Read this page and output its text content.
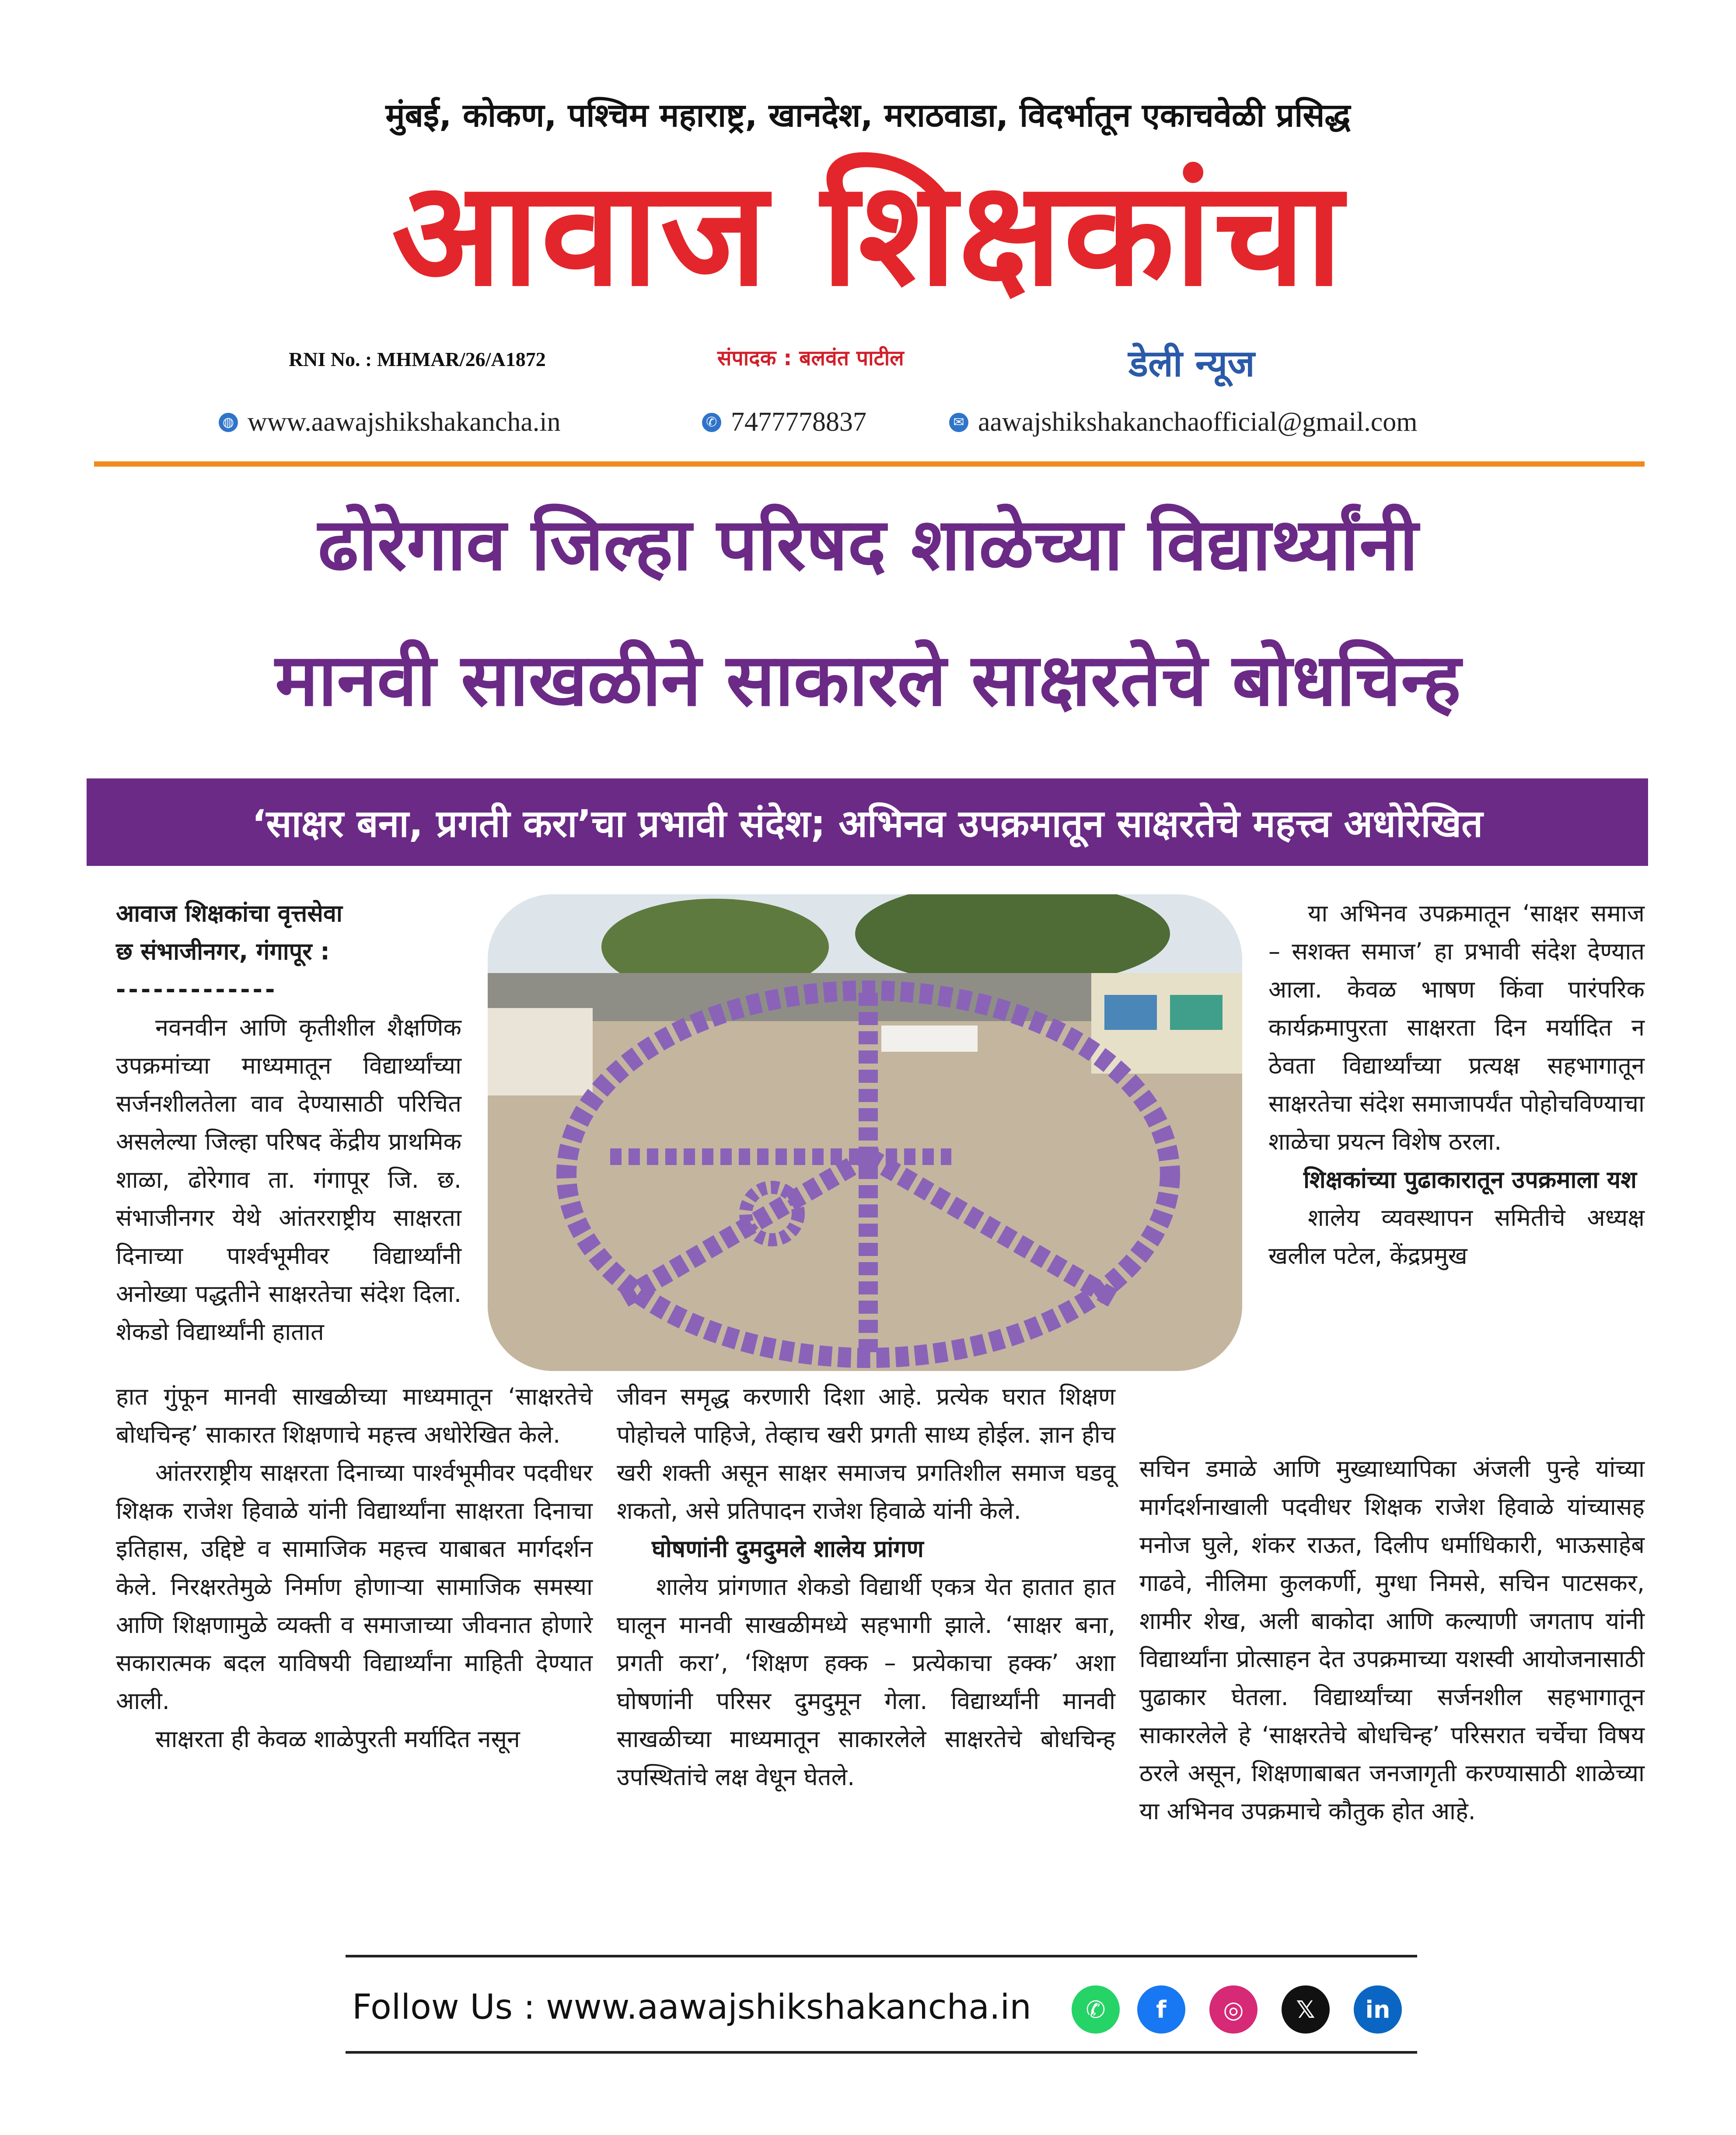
मुंबई, कोकण, पश्चिम महाराष्ट्र, खानदेश, मराठवाडा, विदर्भातून एकाचवेळी प्रसिद्ध
आवाज शिक्षकांचा
RNI No. : MHMAR/26/A1872	संपादक : बलवंत पाटील	डेली न्यूज
◍ www.aawajshikshakancha.in	✆ 7477778837	✉ aawajshikshakanchaofficial@gmail.com
ढोरेगाव जिल्हा परिषद शाळेच्या विद्यार्थ्यांनी
मानवी साखळीने साकारले साक्षरतेचे बोधचिन्ह
‘साक्षर बना, प्रगती करा’चा प्रभावी संदेश; अभिनव उपक्रमातून साक्षरतेचे महत्त्व अधोरेखित
आवाज शिक्षकांचा वृत्तसेवा
छ संभाजीनगर, गंगापूर :
-------------

नवनवीन आणि कृतीशील शैक्षणिक उपक्रमांच्या माध्यमातून विद्यार्थ्यांच्या सर्जनशीलतेला वाव देण्यासाठी परिचित असलेल्या जिल्हा परिषद केंद्रीय प्राथमिक शाळा, ढोरेगाव ता. गंगापूर जि. छ. संभाजीनगर येथे आंतरराष्ट्रीय साक्षरता दिनाच्या पार्श्वभूमीवर विद्यार्थ्यांनी अनोख्या पद्धतीने साक्षरतेचा संदेश दिला. शेकडो विद्यार्थ्यांनी हातात

हात गुंफून मानवी साखळीच्या माध्यमातून ‘साक्षरतेचे बोधचिन्ह’ साकारत शिक्षणाचे महत्त्व अधोरेखित केले.

आंतरराष्ट्रीय साक्षरता दिनाच्या पार्श्वभूमीवर पदवीधर शिक्षक राजेश हिवाळे यांनी विद्यार्थ्यांना साक्षरता दिनाचा इतिहास, उद्दिष्टे व सामाजिक महत्त्व याबाबत मार्गदर्शन केले. निरक्षरतेमुळे निर्माण होणाऱ्या सामाजिक समस्या आणि शिक्षणामुळे व्यक्ती व समाजाच्या जीवनात होणारे सकारात्मक बदल याविषयी विद्यार्थ्यांना माहिती देण्यात आली.

साक्षरता ही केवळ शाळेपुरती मर्यादित नसून

जीवन समृद्ध करणारी दिशा आहे. प्रत्येक घरात शिक्षण पोहोचले पाहिजे, तेव्हाच खरी प्रगती साध्य होईल. ज्ञान हीच खरी शक्ती असून साक्षर समाजच प्रगतिशील समाज घडवू शकतो, असे प्रतिपादन राजेश हिवाळे यांनी केले.

घोषणांनी दुमदुमले शालेय प्रांगण

शालेय प्रांगणात शेकडो विद्यार्थी एकत्र येत हातात हात घालून मानवी साखळीमध्ये सहभागी झाले. ‘साक्षर बना, प्रगती करा’, ‘शिक्षण हक्क – प्रत्येकाचा हक्क’ अशा घोषणांनी परिसर दुमदुमून गेला. विद्यार्थ्यांनी मानवी साखळीच्या माध्यमातून साकारलेले साक्षरतेचे बोधचिन्ह उपस्थितांचे लक्ष वेधून घेतले.

या अभिनव उपक्रमातून ‘साक्षर समाज – सशक्त समाज’ हा प्रभावी संदेश देण्यात आला. केवळ भाषण किंवा पारंपरिक कार्यक्रमापुरता साक्षरता दिन मर्यादित न ठेवता विद्यार्थ्यांच्या प्रत्यक्ष सहभागातून साक्षरतेचा संदेश समाजापर्यंत पोहोचविण्याचा शाळेचा प्रयत्न विशेष ठरला.

शिक्षकांच्या पुढाकारातून उपक्रमाला यश

शालेय व्यवस्थापन समितीचे अध्यक्ष खलील पटेल, केंद्रप्रमुख

सचिन डमाळे आणि मुख्याध्यापिका अंजली पुन्हे यांच्या मार्गदर्शनाखाली पदवीधर शिक्षक राजेश हिवाळे यांच्यासह मनोज घुले, शंकर राऊत, दिलीप धर्माधिकारी, भाऊसाहेब गाढवे, नीलिमा कुलकर्णी, मुग्धा निमसे, सचिन पाटसकर, शामीर शेख, अली बाकोदा आणि कल्याणी जगताप यांनी विद्यार्थ्यांना प्रोत्साहन देत उपक्रमाच्या यशस्वी आयोजनासाठी पुढाकार घेतला. विद्यार्थ्यांच्या सर्जनशील सहभागातून साकारलेले हे ‘साक्षरतेचे बोधचिन्ह’ परिसरात चर्चेचा विषय ठरले असून, शिक्षणाबाबत जनजागृती करण्यासाठी शाळेच्या या अभिनव उपक्रमाचे कौतुक होत आहे.

Follow Us : www.aawajshikshakancha.in ✆ f ◎ 𝕏 in
